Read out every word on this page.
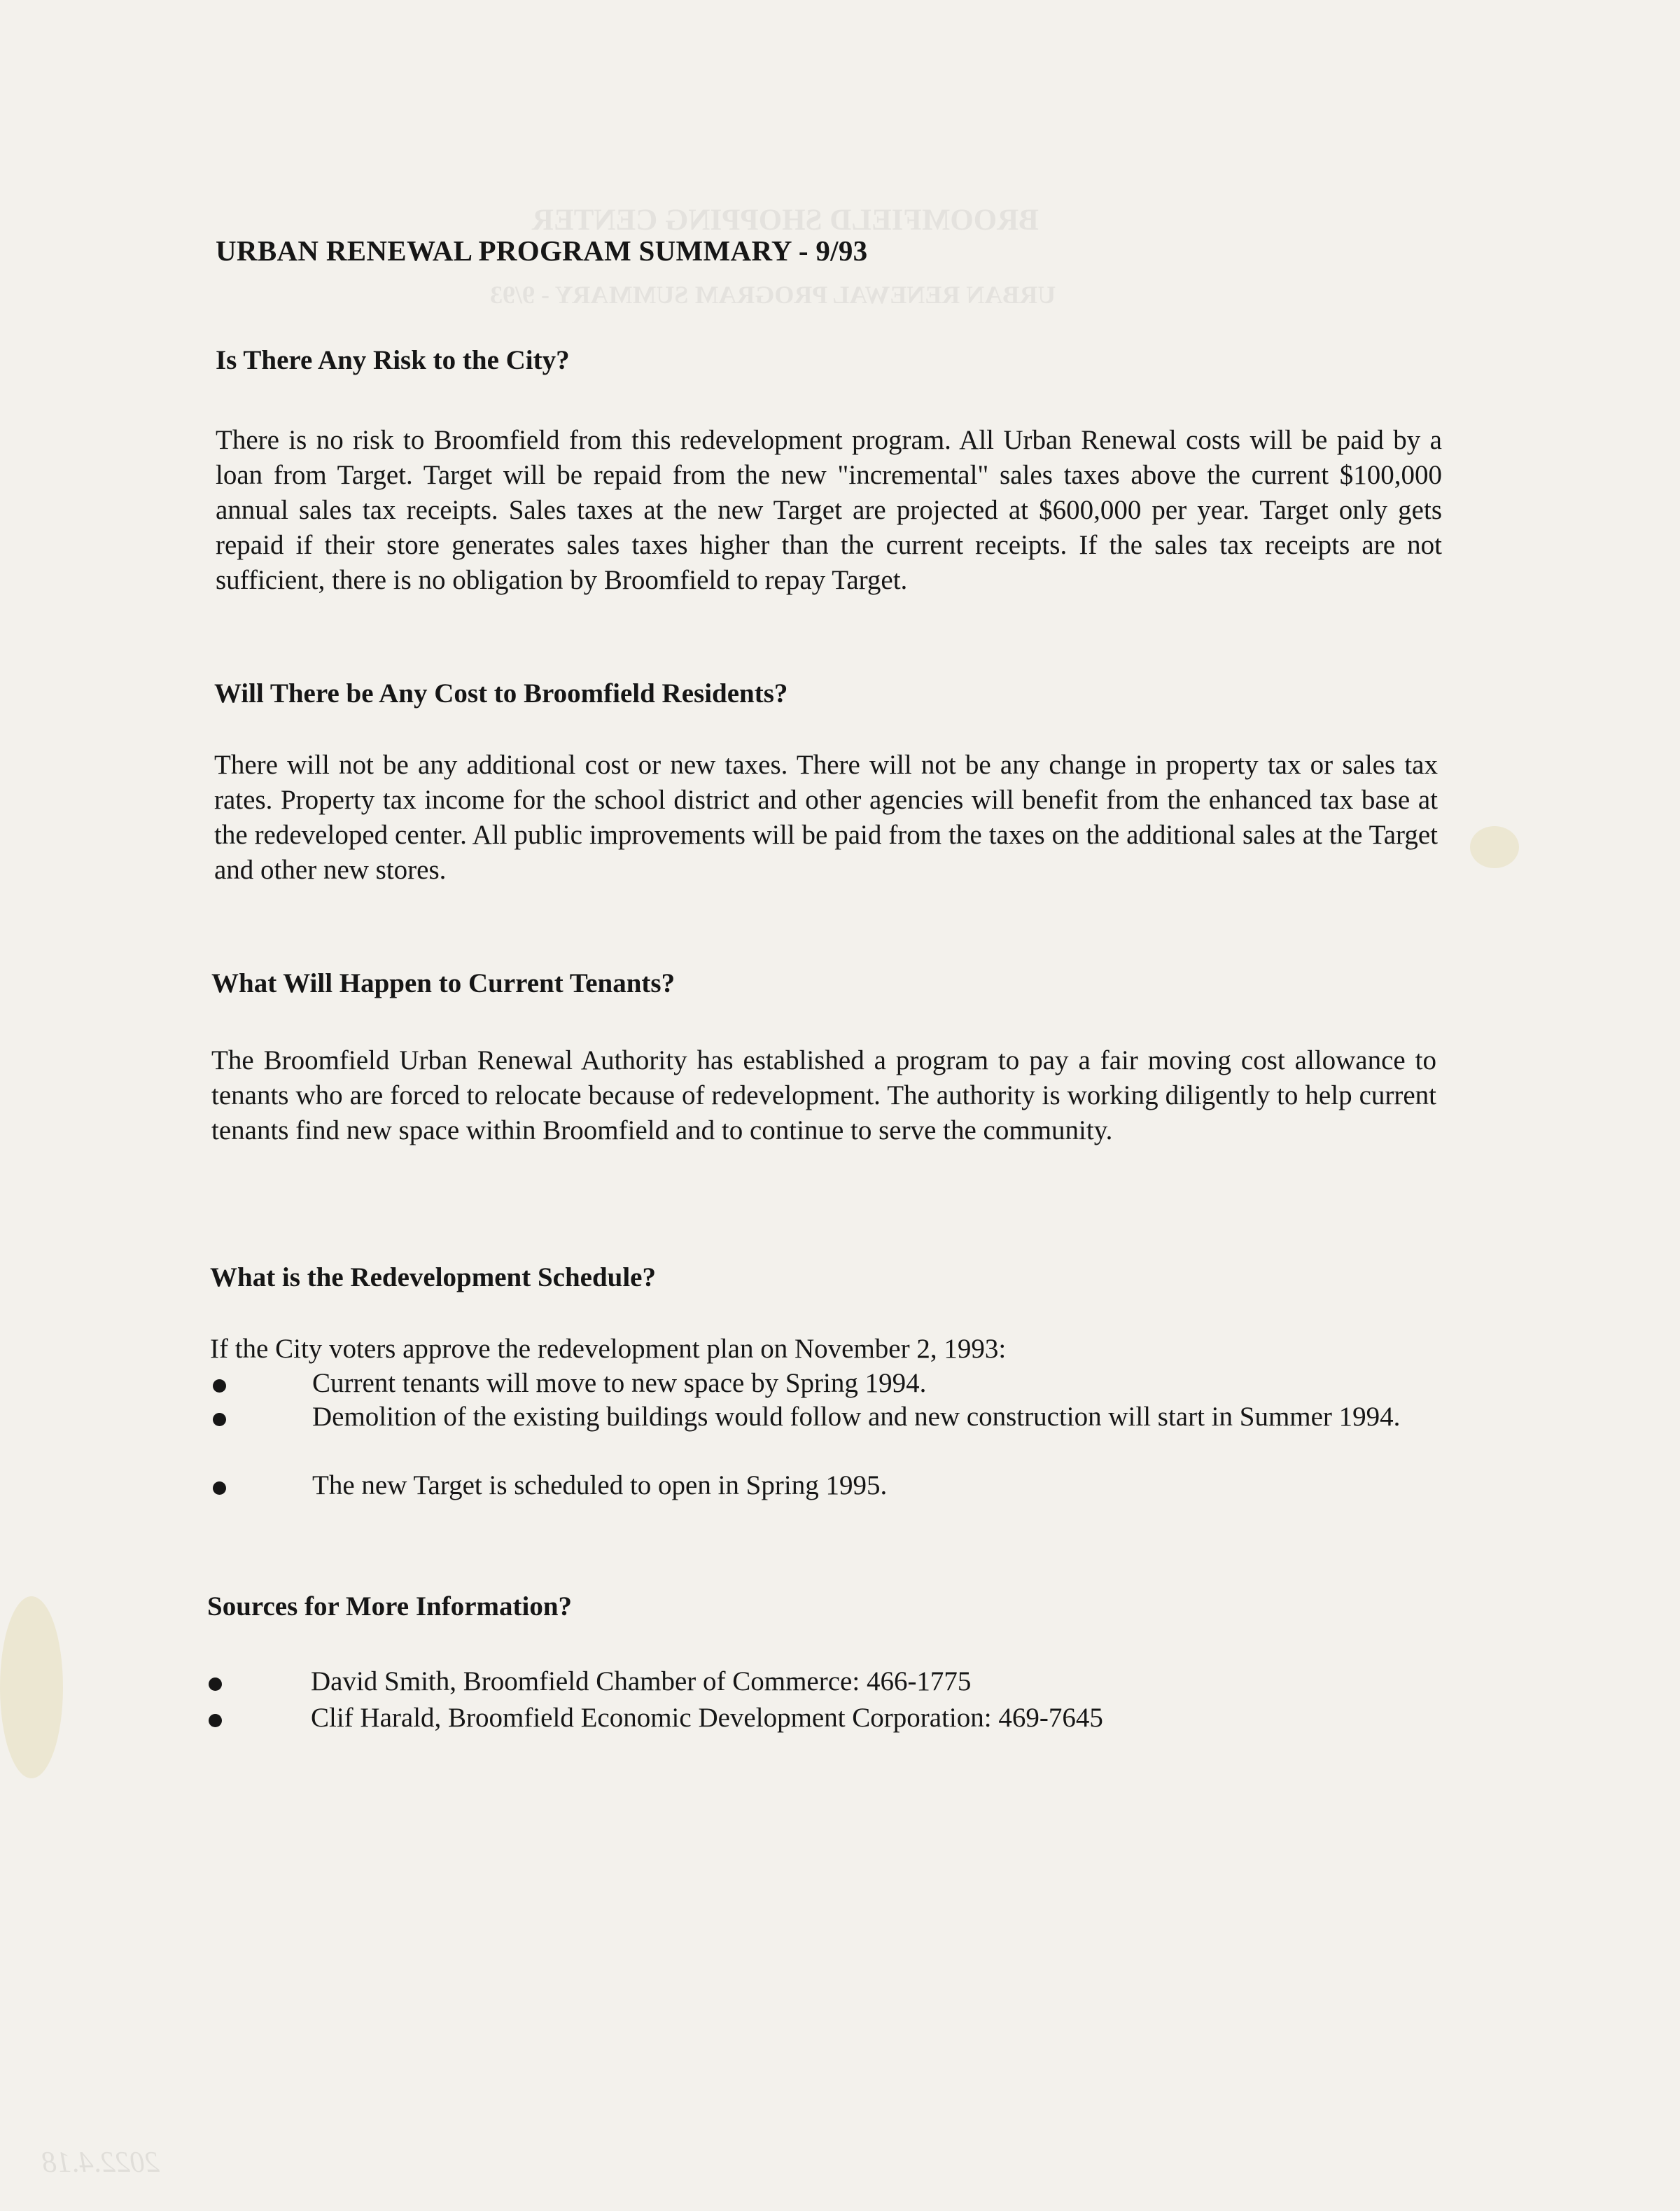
BROOMFIELD SHOPPING CENTER
URBAN RENEWAL PROGRAM SUMMARY - 9/93
2022.4.18
URBAN RENEWAL PROGRAM SUMMARY - 9/93
Is There Any Risk to the City?
There is no risk to Broomfield from this redevelopment program. All Urban Renewal costs will be paid by a loan from Target. Target will be repaid from the new "incremental" sales taxes above the current $100,000 annual sales tax receipts. Sales taxes at the new Target are projected at $600,000 per year. Target only gets repaid if their store generates sales taxes higher than the current receipts. If the sales tax receipts are not sufficient, there is no obligation by Broomfield to repay Target.
Will There be Any Cost to Broomfield Residents?
There will not be any additional cost or new taxes. There will not be any change in property tax or sales tax rates. Property tax income for the school district and other agencies will benefit from the enhanced tax base at the redeveloped center. All public improvements will be paid from the taxes on the additional sales at the Target and other new stores.
What Will Happen to Current Tenants?
The Broomfield Urban Renewal Authority has established a program to pay a fair moving cost allowance to tenants who are forced to relocate because of redevelopment. The authority is working diligently to help current tenants find new space within Broomfield and to continue to serve the community.
What is the Redevelopment Schedule?
If the City voters approve the redevelopment plan on November 2, 1993:
Current tenants will move to new space by Spring 1994.
Demolition of the existing buildings would follow and new construction will start in Summer 1994.
The new Target is scheduled to open in Spring 1995.
Sources for More Information?
David Smith, Broomfield Chamber of Commerce: 466-1775
Clif Harald, Broomfield Economic Development Corporation: 469-7645
